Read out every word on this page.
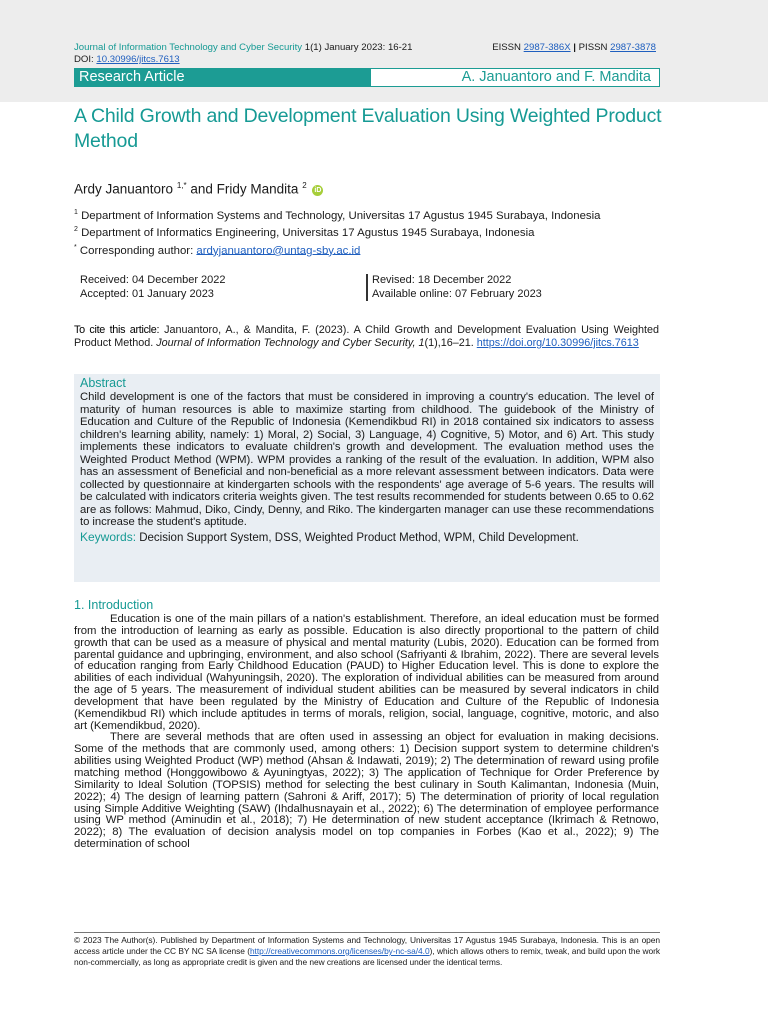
Journal of Information Technology and Cyber Security 1(1) January 2023: 16-21	EISSN 2987-386X | PISSN 2987-3878
DOI: 10.30996/jitcs.7613
Research Article	A. Januantoro and F. Mandita
A Child Growth and Development Evaluation Using Weighted Product Method
Ardy Januantoro $^{1,*}$ and Fridy Mandita $^2$ iD
$^1$ Department of Information Systems and Technology, Universitas 17 Agustus 1945 Surabaya, Indonesia
$^2$ Department of Informatics Engineering, Universitas 17 Agustus 1945 Surabaya, Indonesia
* Corresponding author: ardyjanuantoro@untag-sby.ac.id
Received: 04 December 2022
Accepted: 01 January 2023
Revised: 18 December 2022
Available online: 07 February 2023
To cite this article: Januantoro, A., & Mandita, F. (2023). A Child Growth and Development Evaluation Using Weighted Product Method. Journal of Information Technology and Cyber Security, 1(1),16–21. https://doi.org/10.30996/jitcs.7613
Abstract
Child development is one of the factors that must be considered in improving a country's education. The level of maturity of human resources is able to maximize starting from childhood. The guidebook of the Ministry of Education and Culture of the Republic of Indonesia (Kemendikbud RI) in 2018 contained six indicators to assess children's learning ability, namely: 1) Moral, 2) Social, 3) Language, 4) Cognitive, 5) Motor, and 6) Art. This study implements these indicators to evaluate children's growth and development. The evaluation method uses the Weighted Product Method (WPM). WPM provides a ranking of the result of the evaluation. In addition, WPM also has an assessment of Beneficial and non-beneficial as a more relevant assessment between indicators. Data were collected by questionnaire at kindergarten schools with the respondents' age average of 5-6 years. The results will be calculated with indicators criteria weights given. The test results recommended for students between 0.65 to 0.62 are as follows: Mahmud, Diko, Cindy, Denny, and Riko. The kindergarten manager can use these recommendations to increase the student's aptitude.
Keywords: Decision Support System, DSS, Weighted Product Method, WPM, Child Development.
1. Introduction

Education is one of the main pillars of a nation's establishment. Therefore, an ideal education must be formed from the introduction of learning as early as possible. Education is also directly proportional to the pattern of child growth that can be used as a measure of physical and mental maturity (Lubis, 2020). Education can be formed from parental guidance and upbringing, environment, and also school (Safriyanti & Ibrahim, 2022). There are several levels of education ranging from Early Childhood Education (PAUD) to Higher Education level. This is done to explore the abilities of each individual (Wahyuningsih, 2020). The exploration of individual abilities can be measured from around the age of 5 years. The measurement of individual student abilities can be measured by several indicators in child development that have been regulated by the Ministry of Education and Culture of the Republic of Indonesia (Kemendikbud RI) which include aptitudes in terms of morals, religion, social, language, cognitive, motoric, and also art (Kemendikbud, 2020).

There are several methods that are often used in assessing an object for evaluation in making decisions. Some of the methods that are commonly used, among others: 1) Decision support system to determine children's abilities using Weighted Product (WP) method (Ahsan & Indawati, 2019); 2) The determination of reward using profile matching method (Honggowibowo & Ayuningtyas, 2022); 3) The application of Technique for Order Preference by Similarity to Ideal Solution (TOPSIS) method for selecting the best culinary in South Kalimantan, Indonesia (Muin, 2022); 4) The design of learning pattern (Sahroni & Ariff, 2017); 5) The determination of priority of local regulation using Simple Additive Weighting (SAW) (Ihdalhusnayain et al., 2022); 6) The determination of employee performance using WP method (Aminudin et al., 2018); 7) He determination of new student acceptance (Ikrimach & Retnowo, 2022); 8) The evaluation of decision analysis model on top companies in Forbes (Kao et al., 2022); 9) The determination of school

© 2023 The Author(s). Published by Department of Information Systems and Technology, Universitas 17 Agustus 1945 Surabaya, Indonesia. This is an open access article under the CC BY NC SA license (http://creativecommons.org/licenses/by-nc-sa/4.0), which allows others to remix, tweak, and build upon the work non-commercially, as long as appropriate credit is given and the new creations are licensed under the identical terms.
